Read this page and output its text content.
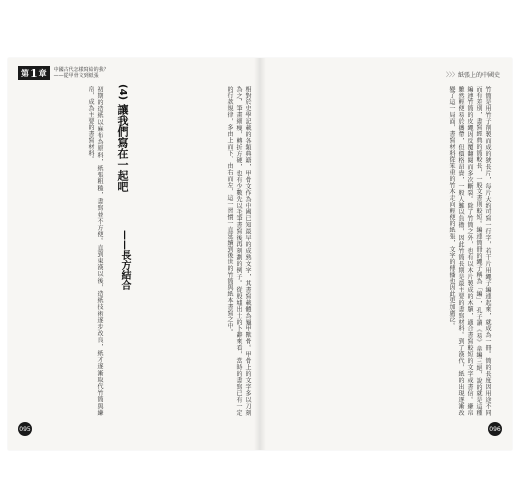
第 1 章 中國古代怎樣寫給的我？
——從甲骨文到紙張
相對於史學記載的各類典籍，甲骨文作為中國已知最早的成熟文字，其書寫載體為龜甲獸骨。甲骨上的文字多以刀刻為之，筆畫細瘦，轉折方硬，也有少數先以毛筆書寫後再刻劃的例子。從殷墟出土的卜辭來看，當時的書寫已有一定的行款規律，多由上而下、由右而左，這一習慣一直延續到後世的竹簡與紙本書寫之中。
(4) 讓我們寫在一起吧
——長方結合
初期的造紙以麻布為原料，紙張粗糙，書寫並不方便。直到東漢以後，造紙技術逐步改良，紙才逐漸取代竹簡與縑帛，成為主要的書寫材料。
095
〉〉〉紙張上的中國史
竹簡是用竹子削製而成的狹長片，每片大約可寫一行字，若干片用繩子編連起來，就成為一冊。簡的長度因用途不同而有差別，書寫經典的簡較長，一般文書則較短。編連簡冊的繩子稱為「編」，孔子讀《易》韋編三絕，說的就是這種編連竹簡的皮繩因反覆翻閱而多次斷裂。除了竹簡之外，也有以木片製成的木牘，適合書寫較短的文字或書信。縑帛雖然輕便易於攜帶，但價格昂貴，一般人難以負擔，因此竹簡長期是最主要的書寫材料。到了漢代，紙的出現逐漸改變了這一局面，書寫材料從笨重的竹木走向輕便的紙張，文字的傳播也因此更加廣泛。
096
